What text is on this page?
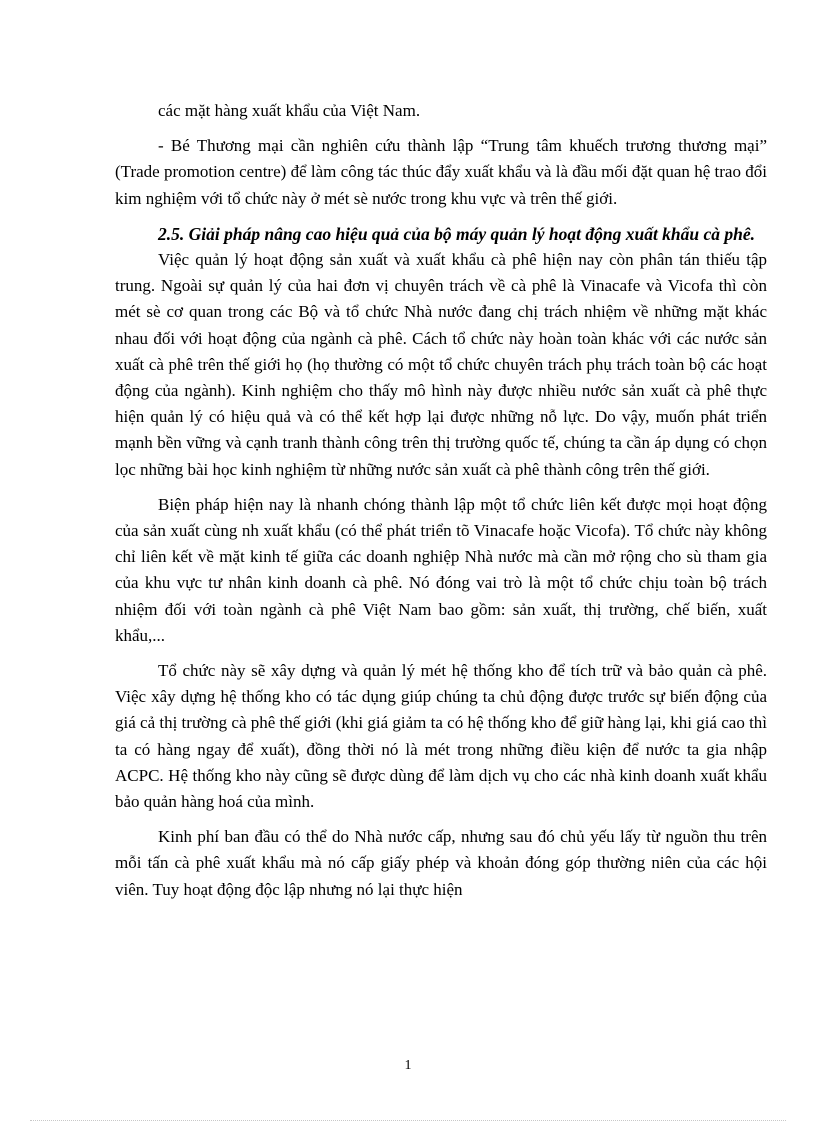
các mặt hàng xuất khẩu của Việt Nam.

- Bé Thương mại cần nghiên cứu thành lập “Trung tâm khuếch trương thương mại” (Trade promotion centre) để làm công tác thúc đẩy xuất khẩu và là đầu mối đặt quan hệ trao đổi kim nghiệm với tổ chức này ở mét sè nước trong khu vực và trên thế giới.

2.5. Giải pháp nâng cao hiệu quả của bộ máy quản lý hoạt động xuất khẩu cà phê.

Việc quản lý hoạt động sản xuất và xuất khẩu cà phê hiện nay còn phân tán thiếu tập trung. Ngoài sự quản lý của hai đơn vị chuyên trách về cà phê là Vinacafe và Vicofa thì còn mét sè cơ quan trong các Bộ và tổ chức Nhà nước đang chị trách nhiệm về những mặt khác nhau đối với hoạt động của ngành cà phê. Cách tổ chức này hoàn toàn khác với các nước sản xuất cà phê trên thế giới họ (họ thường có một tổ chức chuyên trách phụ trách toàn bộ các hoạt động của ngành). Kinh nghiệm cho thấy mô hình này được nhiều nước sản xuất cà phê thực hiện quản lý có hiệu quả và có thể kết hợp lại được những nỗ lực. Do vậy, muốn phát triển mạnh bền vững và cạnh tranh thành công trên thị trường quốc tế, chúng ta cần áp dụng có chọn lọc những bài học kinh nghiệm từ những nước sản xuất cà phê thành công trên thế giới.

Biện pháp hiện nay là nhanh chóng thành lập một tổ chức liên kết được mọi hoạt động của sản xuất cùng nh xuất khẩu (có thể phát triển tõ Vinacafe hoặc Vicofa). Tổ chức này không chỉ liên kết về mặt kinh tế giữa các doanh nghiệp Nhà nước mà cần mở rộng cho sù tham gia của khu vực tư nhân kinh doanh cà phê. Nó đóng vai trò là một tổ chức chịu toàn bộ trách nhiệm đối với toàn ngành cà phê Việt Nam bao gồm: sản xuất, thị trường, chế biến, xuất khẩu,...

Tổ chức này sẽ xây dựng và quản lý mét hệ thống kho để tích trữ và bảo quản cà phê. Việc xây dựng hệ thống kho có tác dụng giúp chúng ta chủ động được trước sự biến động của giá cả thị trường cà phê thế giới (khi giá giảm ta có hệ thống kho để giữ hàng lại, khi giá cao thì ta có hàng ngay để xuất), đồng thời nó là mét trong những điều kiện để nước ta gia nhập ACPC. Hệ thống kho này cũng sẽ được dùng để làm dịch vụ cho các nhà kinh doanh xuất khẩu bảo quản hàng hoá của mình.

Kinh phí ban đầu có thể do Nhà nước cấp, nhưng sau đó chủ yếu lấy từ nguồn thu trên mỗi tấn cà phê xuất khẩu mà nó cấp giấy phép và khoản đóng góp thường niên của các hội viên. Tuy hoạt động độc lập nhưng nó lại thực hiện

1
